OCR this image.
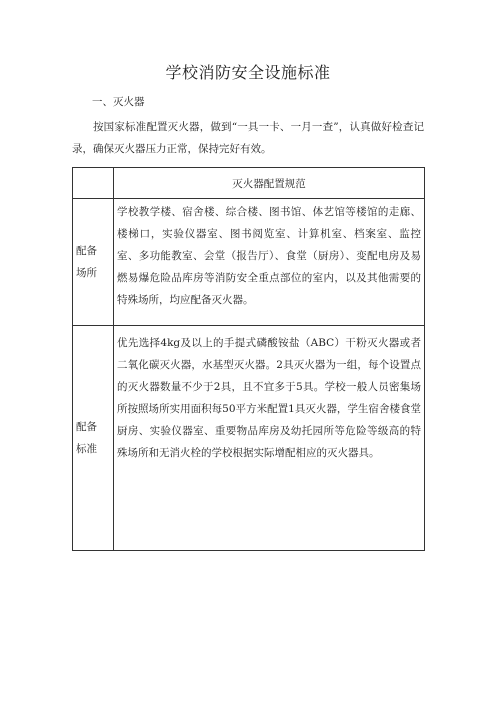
学校消防安全设施标准
一、灭火器
按国家标准配置灭火器，做到“一具一卡、一月一查”，认真做好检查记录，确保灭火器压力正常，保持完好有效。
	灭火器配置规范

配备
场所	学校教学楼、宿舍楼、综合楼、图书馆、体艺馆等楼馆的走廊、楼梯口，实验仪器室、图书阅览室、计算机室、档案室、监控室、多功能教室、会堂（报告厅）、食堂（厨房）、变配电房及易燃易爆危险品库房等消防安全重点部位的室内，以及其他需要的特殊场所，均应配备灭火器。

配备
标准	优先选择4kg及以上的手提式磷酸铵盐（ABC）干粉灭火器或者二氧化碳灭火器，水基型灭火器。2具灭火器为一组，每个设置点的灭火器数量不少于2具，且不宜多于5具。学校一般人员密集场所按照场所实用面积每50平方米配置1具灭火器，学生宿舍楼食堂厨房、实验仪器室、重要物品库房及幼托园所等危险等级高的特殊场所和无消火栓的学校根据实际增配相应的灭火器具。
